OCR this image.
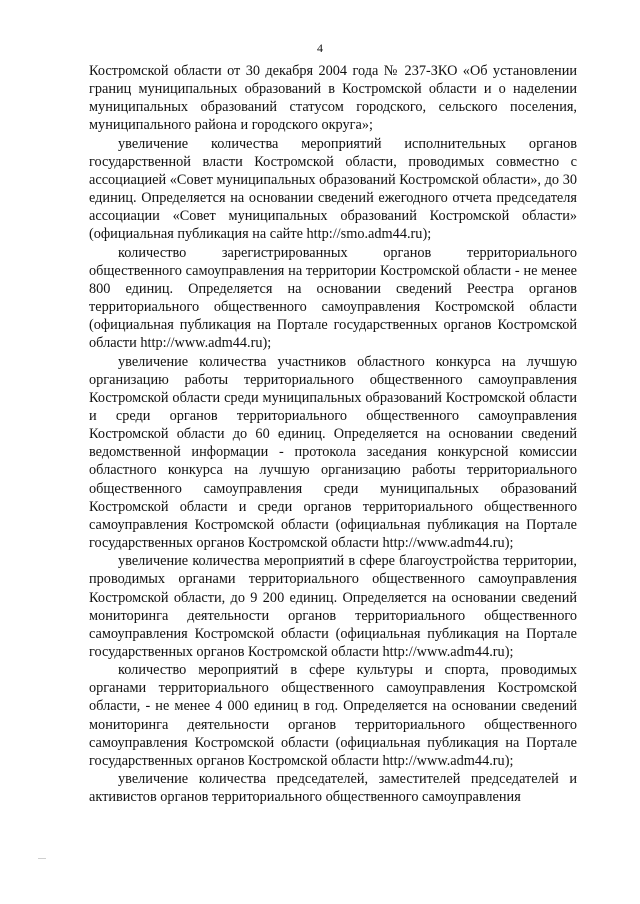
4

Костромской области от 30 декабря 2004 года № 237-ЗКО «Об установлении границ муниципальных образований в Костромской области и о наделении муниципальных образований статусом городского, сельского поселения, муниципального района и городского округа»;

увеличение количества мероприятий исполнительных органов государственной власти Костромской области, проводимых совместно с ассоциацией «Совет муниципальных образований Костромской области», до 30 единиц. Определяется на основании сведений ежегодного отчета председателя ассоциации «Совет муниципальных образований Костромской области» (официальная публикация на сайте http://smo.adm44.ru);

количество зарегистрированных органов территориального общественного самоуправления на территории Костромской области - не менее 800 единиц. Определяется на основании сведений Реестра органов территориального общественного самоуправления Костромской области (официальная публикация на Портале государственных органов Костромской области http://www.adm44.ru);

увеличение количества участников областного конкурса на лучшую организацию работы территориального общественного самоуправления Костромской области среди муниципальных образований Костромской области и среди органов территориального общественного самоуправления Костромской области до 60 единиц. Определяется на основании сведений ведомственной информации - протокола заседания конкурсной комиссии областного конкурса на лучшую организацию работы территориального общественного самоуправления среди муниципальных образований Костромской области и среди органов территориального общественного самоуправления Костромской области (официальная публикация на Портале государственных органов Костромской области http://www.adm44.ru);

увеличение количества мероприятий в сфере благоустройства территории, проводимых органами территориального общественного самоуправления Костромской области, до 9 200 единиц. Определяется на основании сведений мониторинга деятельности органов территориального общественного самоуправления Костромской области (официальная публикация на Портале государственных органов Костромской области http://www.adm44.ru);

количество мероприятий в сфере культуры и спорта, проводимых органами территориального общественного самоуправления Костромской области, - не менее 4 000 единиц в год. Определяется на основании сведений мониторинга деятельности органов территориального общественного самоуправления Костромской области (официальная публикация на Портале государственных органов Костромской области http://www.adm44.ru);

увеличение количества председателей, заместителей председателей и активистов органов территориального общественного самоуправления
